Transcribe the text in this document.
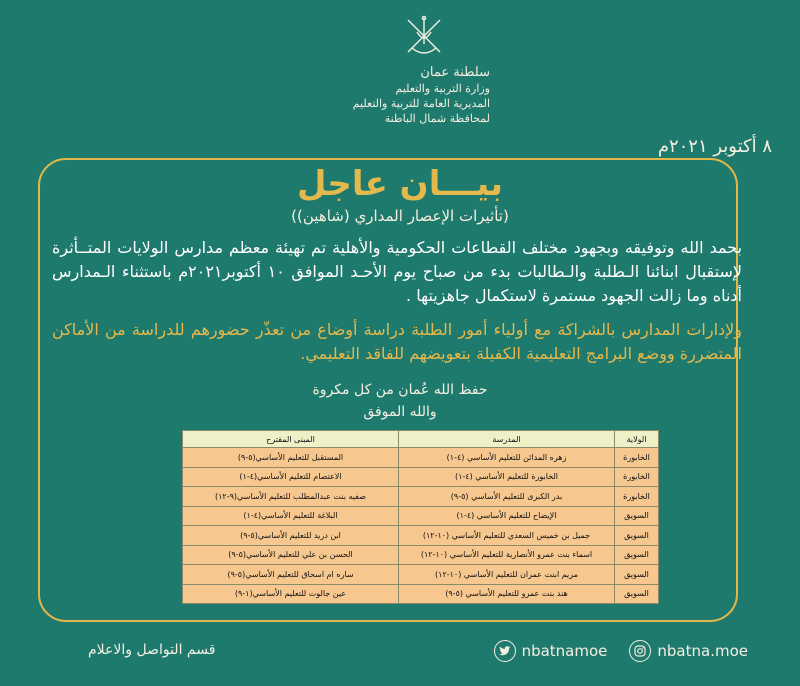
سلطنة عمان
وزارة التربية والتعليم
المديرية العامة للتربية والتعليم
لمحافظة شمال الباطنة
٨ أكتوبر ٢٠٢١م
بيـــان عاجل
(تأثيرات الإعصار المداري (شاهين))
بحمد الله وتوفيقه وبجهود مختلف القطاعات الحكومية والأهلية تم تهيئة معظم مدارس الولايات المتــأثرة لإستقبال ابنائنا الـطلبة والـطالبات بدء من صباح يوم الأحـد الموافق ١٠ أكتوبر٢٠٢١م باستثناء الـمدارس أدناه وما زالت الجهود مستمرة لاستكمال جاهزيتها .
ولإدارات المدارس بالشراكة مع أولياء أمور الطلبة دراسة أوضاع من تعذّر حضورهم للدراسة من الأماكن المتضررة ووضع البرامج التعليمية الكفيلة بتعويضهم للفاقد التعليمي.
حفظ الله عُمان من كل مكروة
والله الموفق
الولاية	المدرسة	المبنى المقترح
الخابورة	زهره المدائن للتعليم الأساسي (٤-١)	المستقبل للتعليم الأساسي(٥-٩)
الخابورة	الخابورة للتعليم الأساسي (٤-١)	الاعتصام للتعليم الأساسي(٤-١)
الخابورة	بدر الكبرى للتعليم الأساسي (٥-٩)	صفيه بنت عبدالمطلب للتعليم الأساسي(٩-١٢)
السويق	الإيضاح للتعليم الأساسي (٤-١)	البلاغة للتعليم الأساسي(٤-١)
السويق	جميل بن خميس السعدي للتعليم الأساسي (١٠-١٢)	ابن دريد للتعليم الأساسي(٥-٩)
السويق	اسماء بنت عمرو الأنصارية للتعليم الأساسي (١٠-١٢)	الحسن بن علي للتعليم الأساسي(٥-٩)
السويق	مريم ابنت عمران للتعليم الأساسي (١٠-١٢)	ساره ام اسحاق للتعليم الأساسي(٥-٩)
السويق	هند بنت عمرو للتعليم الأساسي (٥-٩)	عين جالوت للتعليم الأساسي(١-٩)
قسم التواصل والاعلام	nbatnamoe	nbatna.moe
